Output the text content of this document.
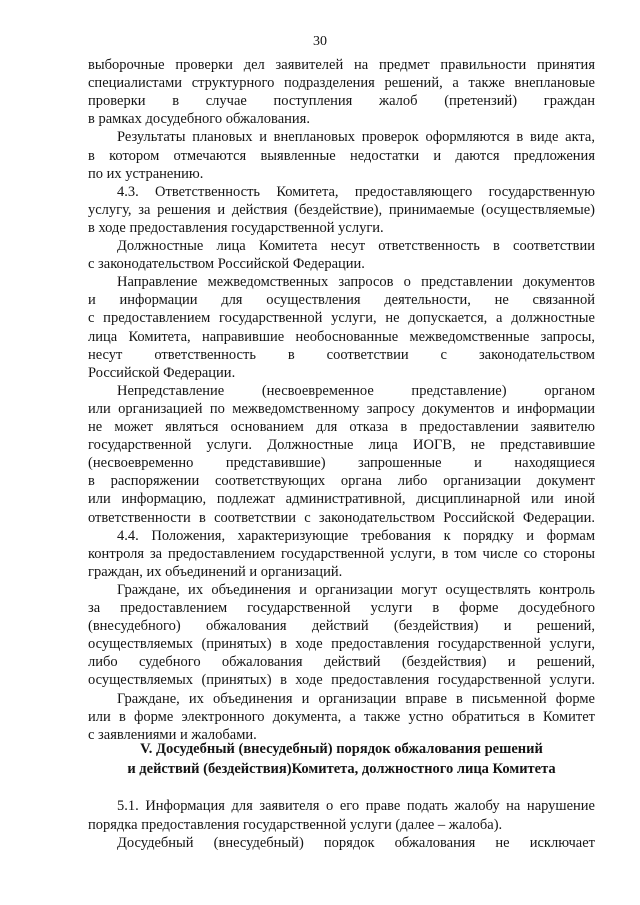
30
выборочные проверки дел заявителей на предмет правильности принятия
специалистами структурного подразделения решений, а также внеплановые
проверки в случае поступления жалоб (претензий) граждан
в рамках досудебного обжалования.
Результаты плановых и внеплановых проверок оформляются в виде акта,
в котором отмечаются выявленные недостатки и даются предложения
по их устранению.
4.3. Ответственность Комитета, предоставляющего государственную
услугу, за решения и действия (бездействие), принимаемые (осуществляемые)
в ходе предоставления государственной услуги.
Должностные лица Комитета несут ответственность в соответствии
с законодательством Российской Федерации.
Направление межведомственных запросов о представлении документов
и информации для осуществления деятельности, не связанной
с предоставлением государственной услуги, не допускается, а должностные
лица Комитета, направившие необоснованные межведомственные запросы,
несут ответственность в соответствии с законодательством
Российской Федерации.
Непредставление (несвоевременное представление) органом
или организацией по межведомственному запросу документов и информации
не может являться основанием для отказа в предоставлении заявителю
государственной услуги. Должностные лица ИОГВ, не представившие
(несвоевременно представившие) запрошенные и находящиеся
в распоряжении соответствующих органа либо организации документ
или информацию, подлежат административной, дисциплинарной или иной
ответственности в соответствии с законодательством Российской Федерации.
4.4. Положения, характеризующие требования к порядку и формам
контроля за предоставлением государственной услуги, в том числе со стороны
граждан, их объединений и организаций.
Граждане, их объединения и организации могут осуществлять контроль
за предоставлением государственной услуги в форме досудебного
(внесудебного) обжалования действий (бездействия) и решений,
осуществляемых (принятых) в ходе предоставления государственной услуги,
либо судебного обжалования действий (бездействия) и решений,
осуществляемых (принятых) в ходе предоставления государственной услуги.
Граждане, их объединения и организации вправе в письменной форме
или в форме электронного документа, а также устно обратиться в Комитет
с заявлениями и жалобами.
V. Досудебный (внесудебный) порядок обжалования решений
и действий (бездействия)Комитета, должностного лица Комитета
5.1. Информация для заявителя о его праве подать жалобу на нарушение
порядка предоставления государственной услуги (далее – жалоба).
Досудебный (внесудебный) порядок обжалования не исключает
